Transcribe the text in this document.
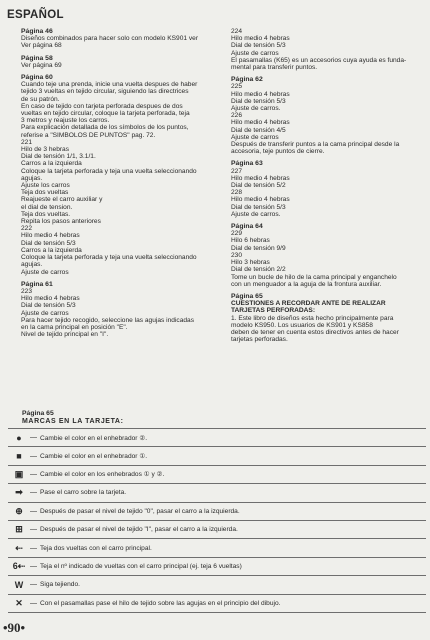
ESPAÑOL
Página 46
Diseños combinados para hacer solo con modelo KS901 ver
Ver página 68
Página 58
Ver página 69
Página 60
Cuando teje una prenda, inicie una vuelta despues de haber
tejido 3 vueltas en tejido circular, siguiendo las directrices
de su patrón.
En caso de tejido con tarjeta perforada despues de dos
vueltas en tejido circular, coloque la tarjeta perforada, teja
3 metros y reajuste los carros.
Para explicación detallada de los símbolos de los puntos,
referise a "SIMBOLOS DE PUNTOS" pag. 72.
221
Hilo de 3 hebras
Dial de tensión 1/1, 3.1/1.
Carros a la izquierda
Coloque la tarjeta perforada y teja una vuelta seleccionando
agujas.
Ajuste los carros
Teja dos vueltas
Reajueste el carro auxiliar y
el dial de tension.
Teja dos vueltas.
Repita los pasos anteriores
222
Hilo medio 4 hebras
Dial de tensión 5/3
Carros a la izquierda
Coloque la tarjeta perforada y teja una vuelta seleccionando
agujas.
Ajuste de carros
Página 61
223
Hilo medio 4 hebras
Dial de tensión 5/3
Ajuste de carros
Para hacer tejido recogido, seleccione las agujas indicadas
en la cama principal en posición "E".
Nivel de tejido principal en "I".
224
Hilo medio 4 hebras
Dial de tensión 5/3
Ajuste de carros
El pasamallas (K65) es un accesorios cuya ayuda es funda-
mental para transferir puntos.
Página 62
225
Hilo medio 4 hebras
Dial de tensión 5/3
Ajuste de carros.
226
Hilo medio 4 hebras
Dial de tensión 4/5
Ajuste de carros
Después de transferir puntos a la cama principal desde la
accesoria, teje puntos de cierre.
Página 63
227
Hilo medio 4 hebras
Dial de tensión 5/2
228
Hilo medio 4 hebras
Dial de tensión 5/3
Ajuste de carros.
Página 64
229
Hilo 6 hebras
Dial de tensión 9/9
230
Hilo 3 hebras
Dial de tensión 2/2
Tome un bucle de hilo de la cama principal y enganchelo
con un menguador a la aguja de la frontura auxiliar.
Página 65
CUESTIONES A RECORDAR ANTE DE REALIZAR
TARJETAS PERFORADAS:
1. Este libro de diseños esta hecho principalmente para
modelo KS950. Los usuarios de KS901 y KS858
deben de tener en cuenta estos directivos antes de hacer
tarjetas perforadas.
Página 65
MARCAS EN LA TARJETA:
●	— Cambie el color en el enhebrador ②.
■	— Cambie el color en el enhebrador ①.
▣ — Cambie el color en los enhebrados ① y ②.
➡	— Pase el carro sobre la tarjeta.
⊕	— Después de pasar el nivel de tejido "0", pasar el carro a la izquierda.
⊞	— Después de pasar el nivel de tejido "I", pasar el carro a la izquierda.
⇠	— Teja dos vueltas con el carro principal.
6⇠ — Teja el nº indicado de vueltas con el carro principal (ej. teja 6 vueltas)
W — Siga tejiendo.
✕	— Con el pasamallas pase el hilo de tejido sobre las agujas en el principio del dibujo.
•90•
